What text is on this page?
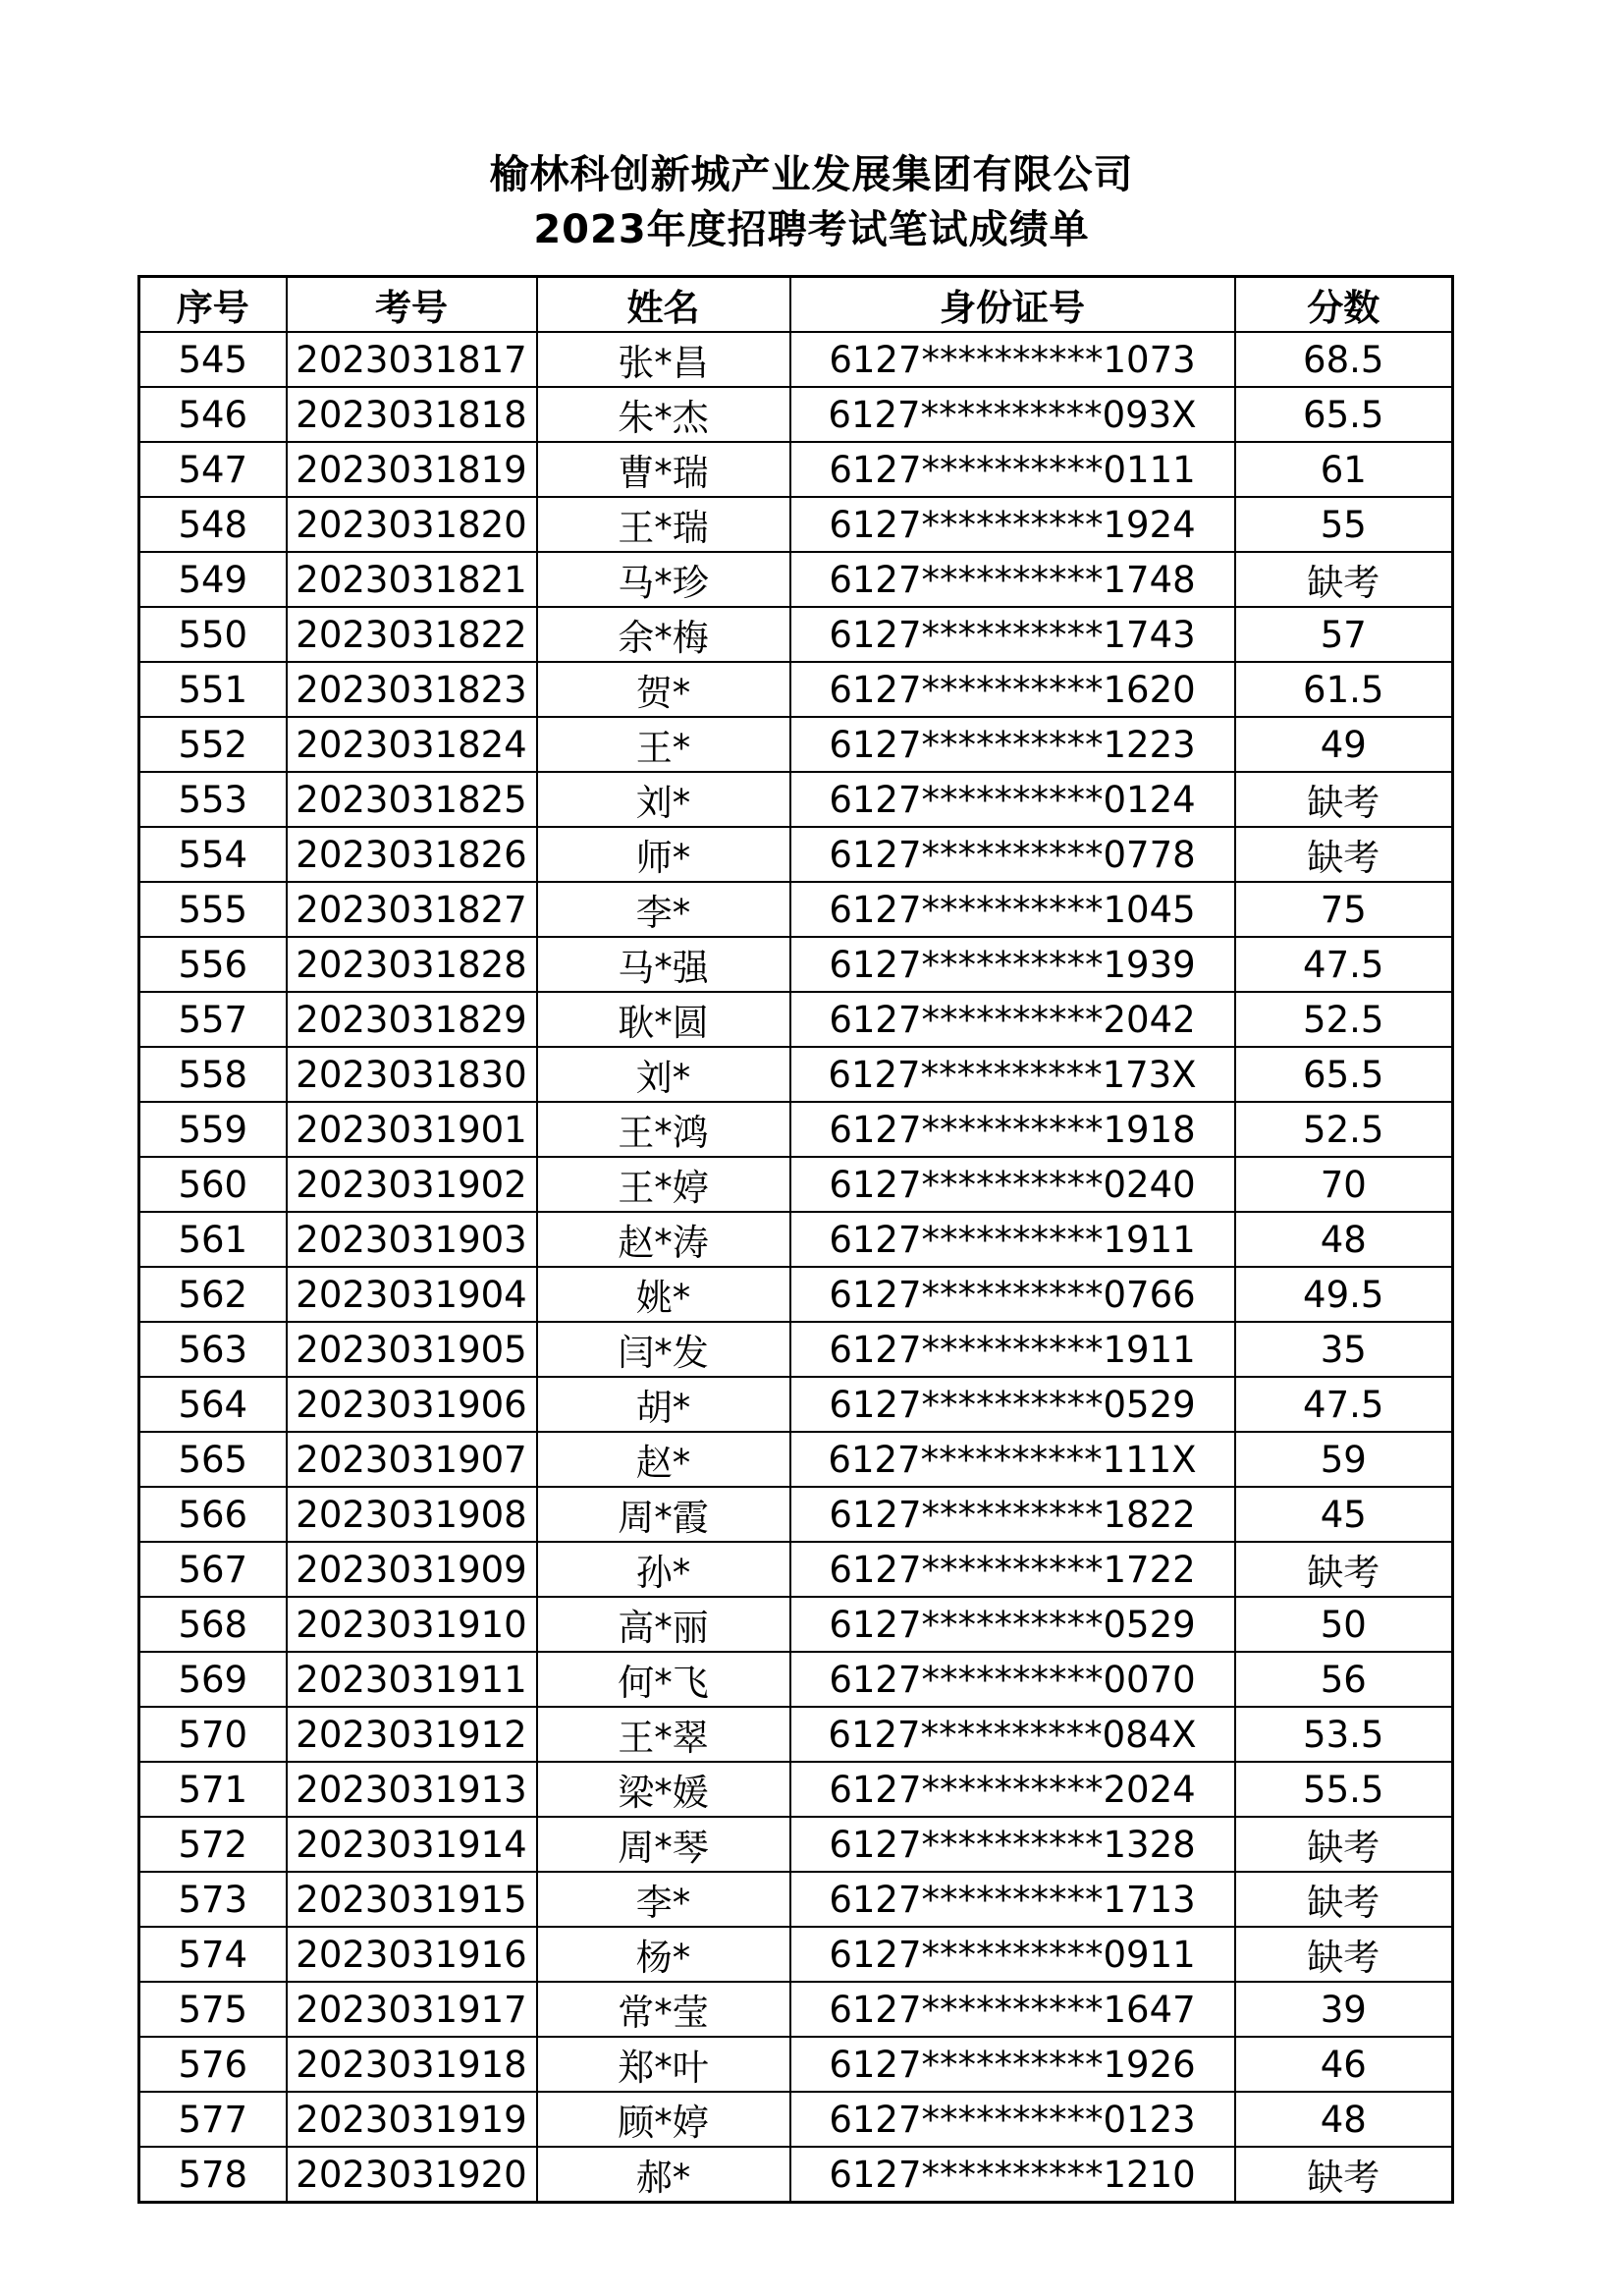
榆林科创新城产业发展集团有限公司
2023年度招聘考试笔试成绩单
序号	考号	姓名	身份证号	分数
545	2023031817	张*昌	6127**********1073	68.5
546	2023031818	朱*杰	6127**********093X	65.5
547	2023031819	曹*瑞	6127**********0111	61
548	2023031820	王*瑞	6127**********1924	55
549	2023031821	马*珍	6127**********1748	缺考
550	2023031822	余*梅	6127**********1743	57
551	2023031823	贺*	6127**********1620	61.5
552	2023031824	王*	6127**********1223	49
553	2023031825	刘*	6127**********0124	缺考
554	2023031826	师*	6127**********0778	缺考
555	2023031827	李*	6127**********1045	75
556	2023031828	马*强	6127**********1939	47.5
557	2023031829	耿*圆	6127**********2042	52.5
558	2023031830	刘*	6127**********173X	65.5
559	2023031901	王*鸿	6127**********1918	52.5
560	2023031902	王*婷	6127**********0240	70
561	2023031903	赵*涛	6127**********1911	48
562	2023031904	姚*	6127**********0766	49.5
563	2023031905	闫*发	6127**********1911	35
564	2023031906	胡*	6127**********0529	47.5
565	2023031907	赵*	6127**********111X	59
566	2023031908	周*霞	6127**********1822	45
567	2023031909	孙*	6127**********1722	缺考
568	2023031910	高*丽	6127**********0529	50
569	2023031911	何*飞	6127**********0070	56
570	2023031912	王*翠	6127**********084X	53.5
571	2023031913	梁*媛	6127**********2024	55.5
572	2023031914	周*琴	6127**********1328	缺考
573	2023031915	李*	6127**********1713	缺考
574	2023031916	杨*	6127**********0911	缺考
575	2023031917	常*莹	6127**********1647	39
576	2023031918	郑*叶	6127**********1926	46
577	2023031919	顾*婷	6127**********0123	48
578	2023031920	郝*	6127**********1210	缺考
